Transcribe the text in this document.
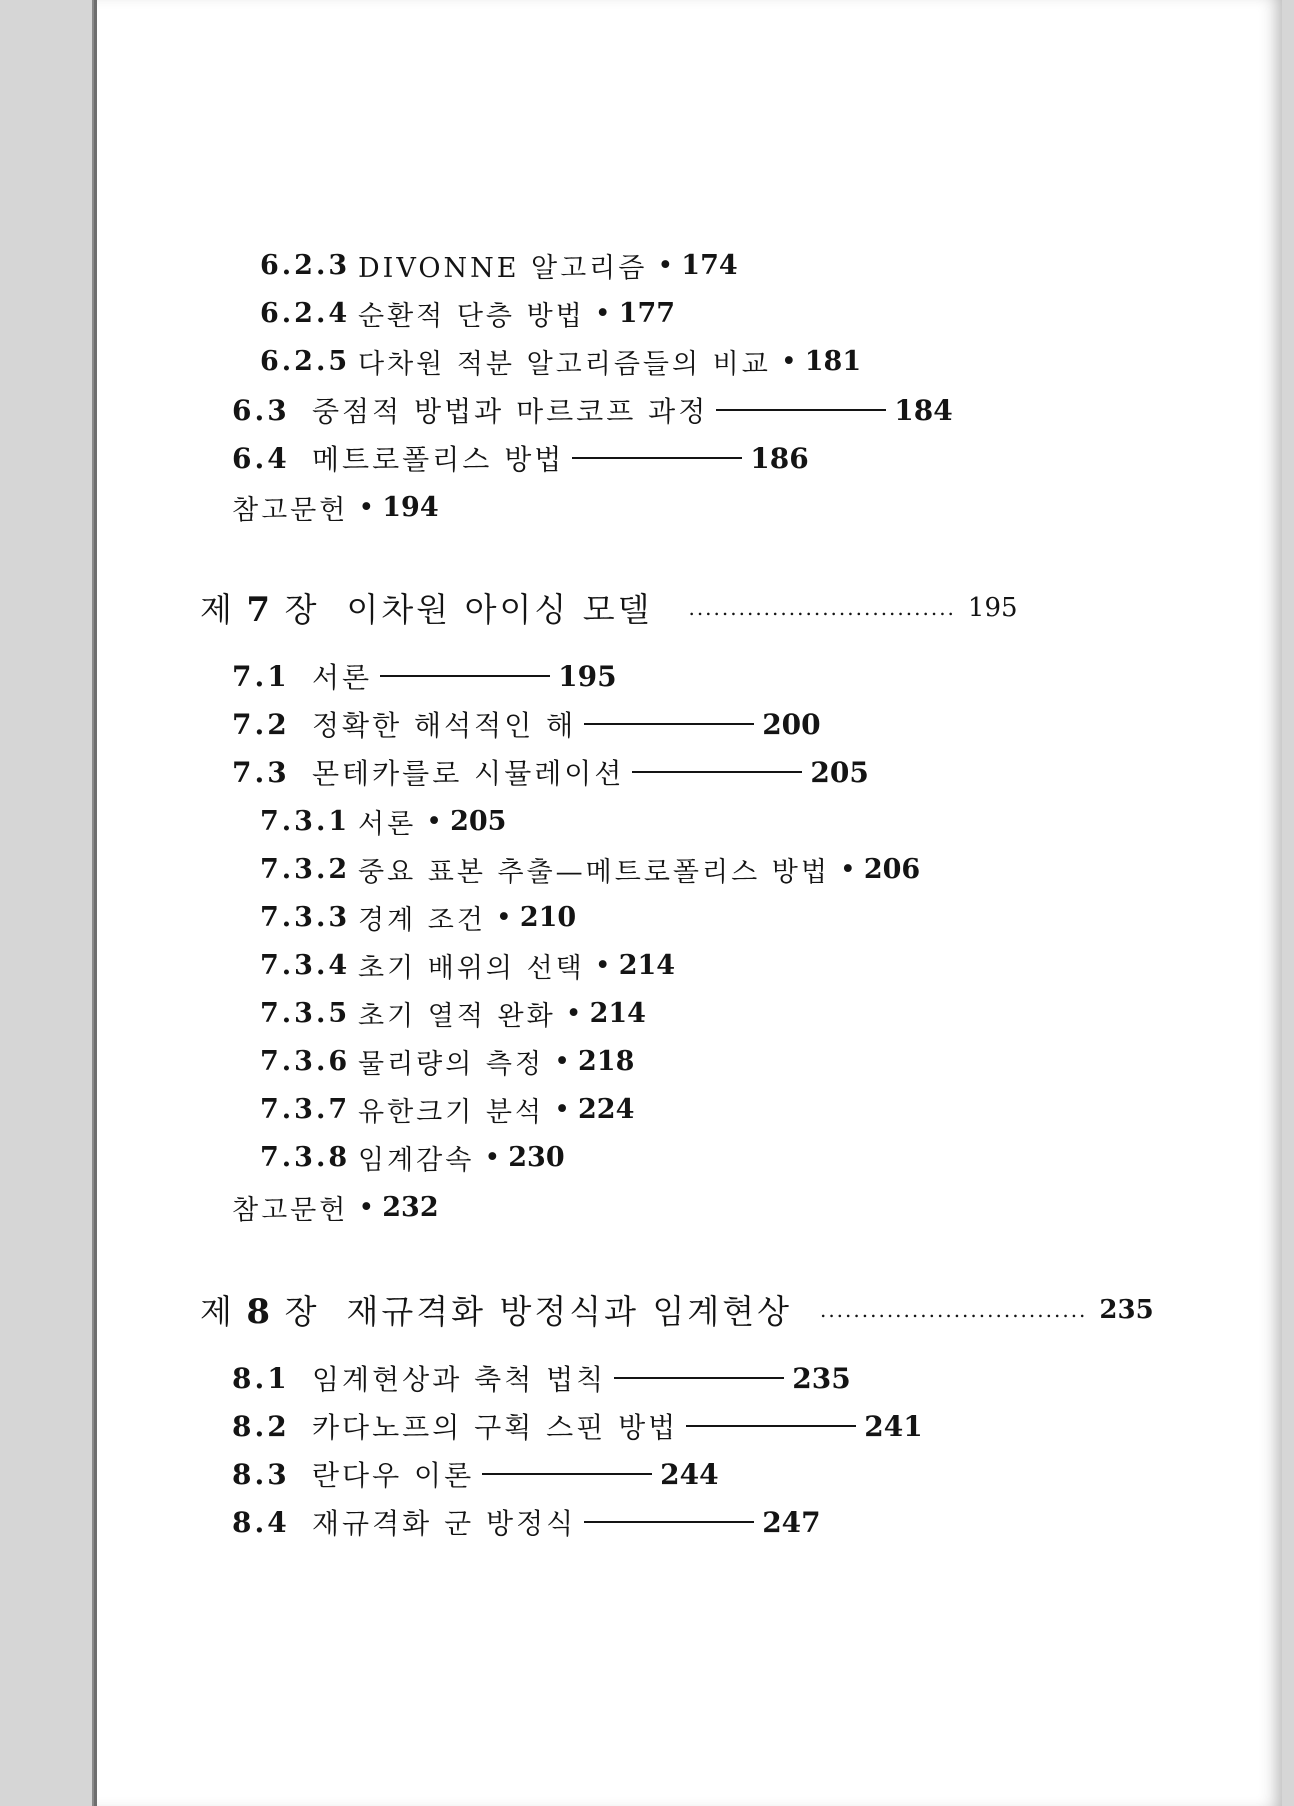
6.2.3 DIVONNE 알고리즘 • 174
6.2.4 순환적 단층 방법 • 177
6.2.5 다차원 적분 알고리즘들의 비교 • 181
6.3 중점적 방법과 마르코프 과정	184
6.4 메트로폴리스 방법	186
참고문헌 • 194
제 7 장 이차원 아이싱 모델 ................................ 195
7.1 서론	195
7.2 정확한 해석적인 해	200
7.3 몬테카를로 시뮬레이션	205
7.3.1 서론 • 205
7.3.2 중요 표본 추출—메트로폴리스 방법 • 206
7.3.3 경계 조건 • 210
7.3.4 초기 배위의 선택 • 214
7.3.5 초기 열적 완화 • 214
7.3.6 물리량의 측정 • 218
7.3.7 유한크기 분석 • 224
7.3.8 임계감속 • 230
참고문헌 • 232
제 8 장 재규격화 방정식과 임계현상 ................................ 235
8.1 임계현상과 축척 법칙	235
8.2 카다노프의 구획 스핀 방법	241
8.3 란다우 이론	244
8.4 재규격화 군 방정식	247
